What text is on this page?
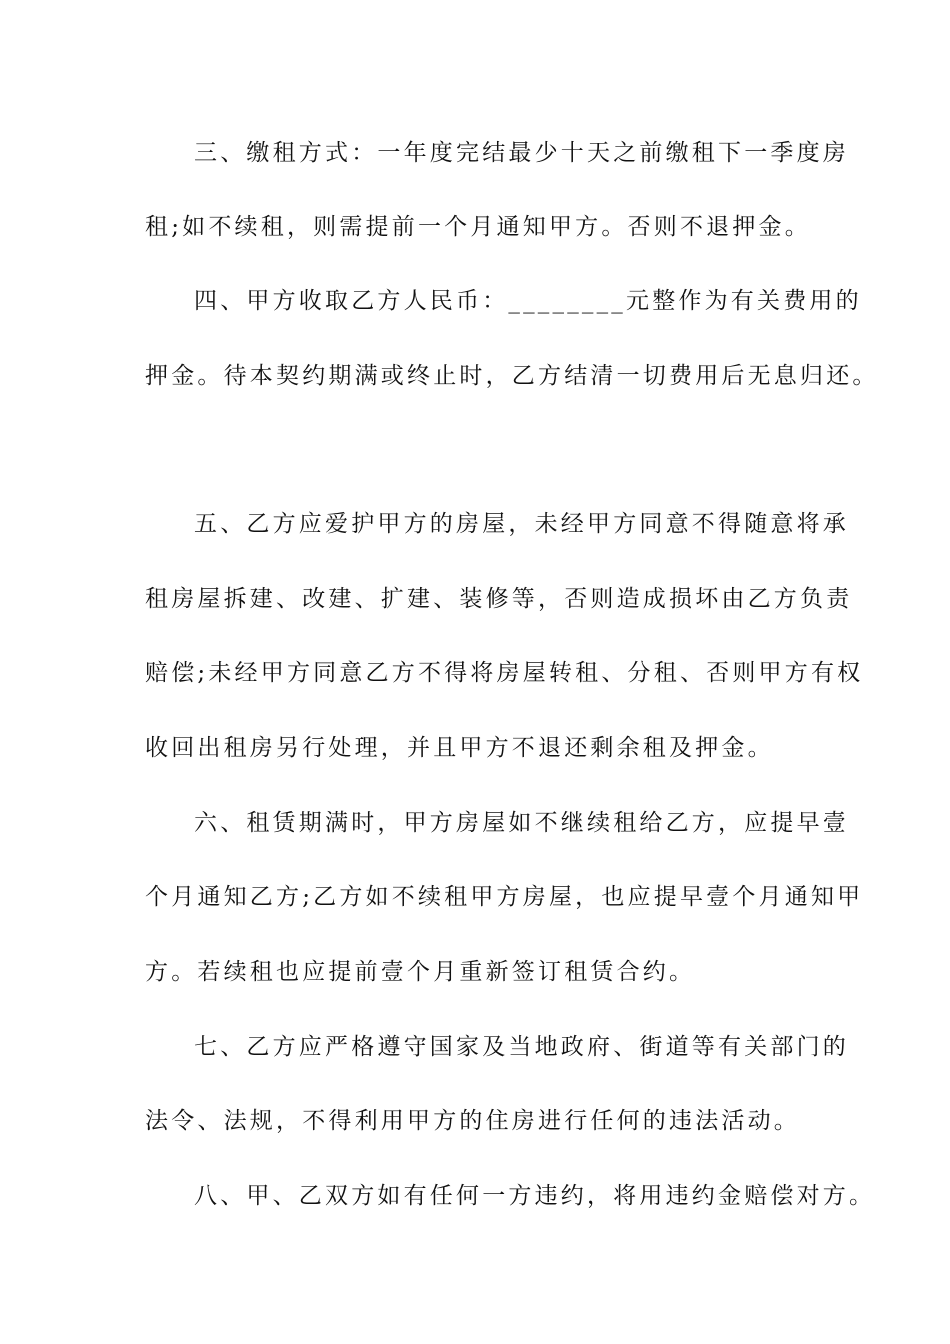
三、缴租方式：一年度完结最少十天之前缴租下一季度房
租;如不续租，则需提前一个月通知甲方。否则不退押金。
四、甲方收取乙方人民币：________元整作为有关费用的
押金。待本契约期满或终止时，乙方结清一切费用后无息归还。
五、乙方应爱护甲方的房屋，未经甲方同意不得随意将承
租房屋拆建、改建、扩建、装修等，否则造成损坏由乙方负责
赔偿;未经甲方同意乙方不得将房屋转租、分租、否则甲方有权
收回出租房另行处理，并且甲方不退还剩余租及押金。
六、租赁期满时，甲方房屋如不继续租给乙方，应提早壹
个月通知乙方;乙方如不续租甲方房屋，也应提早壹个月通知甲
方。若续租也应提前壹个月重新签订租赁合约。
七、乙方应严格遵守国家及当地政府、街道等有关部门的
法令、法规，不得利用甲方的住房进行任何的违法活动。
八、甲、乙双方如有任何一方违约，将用违约金赔偿对方。
